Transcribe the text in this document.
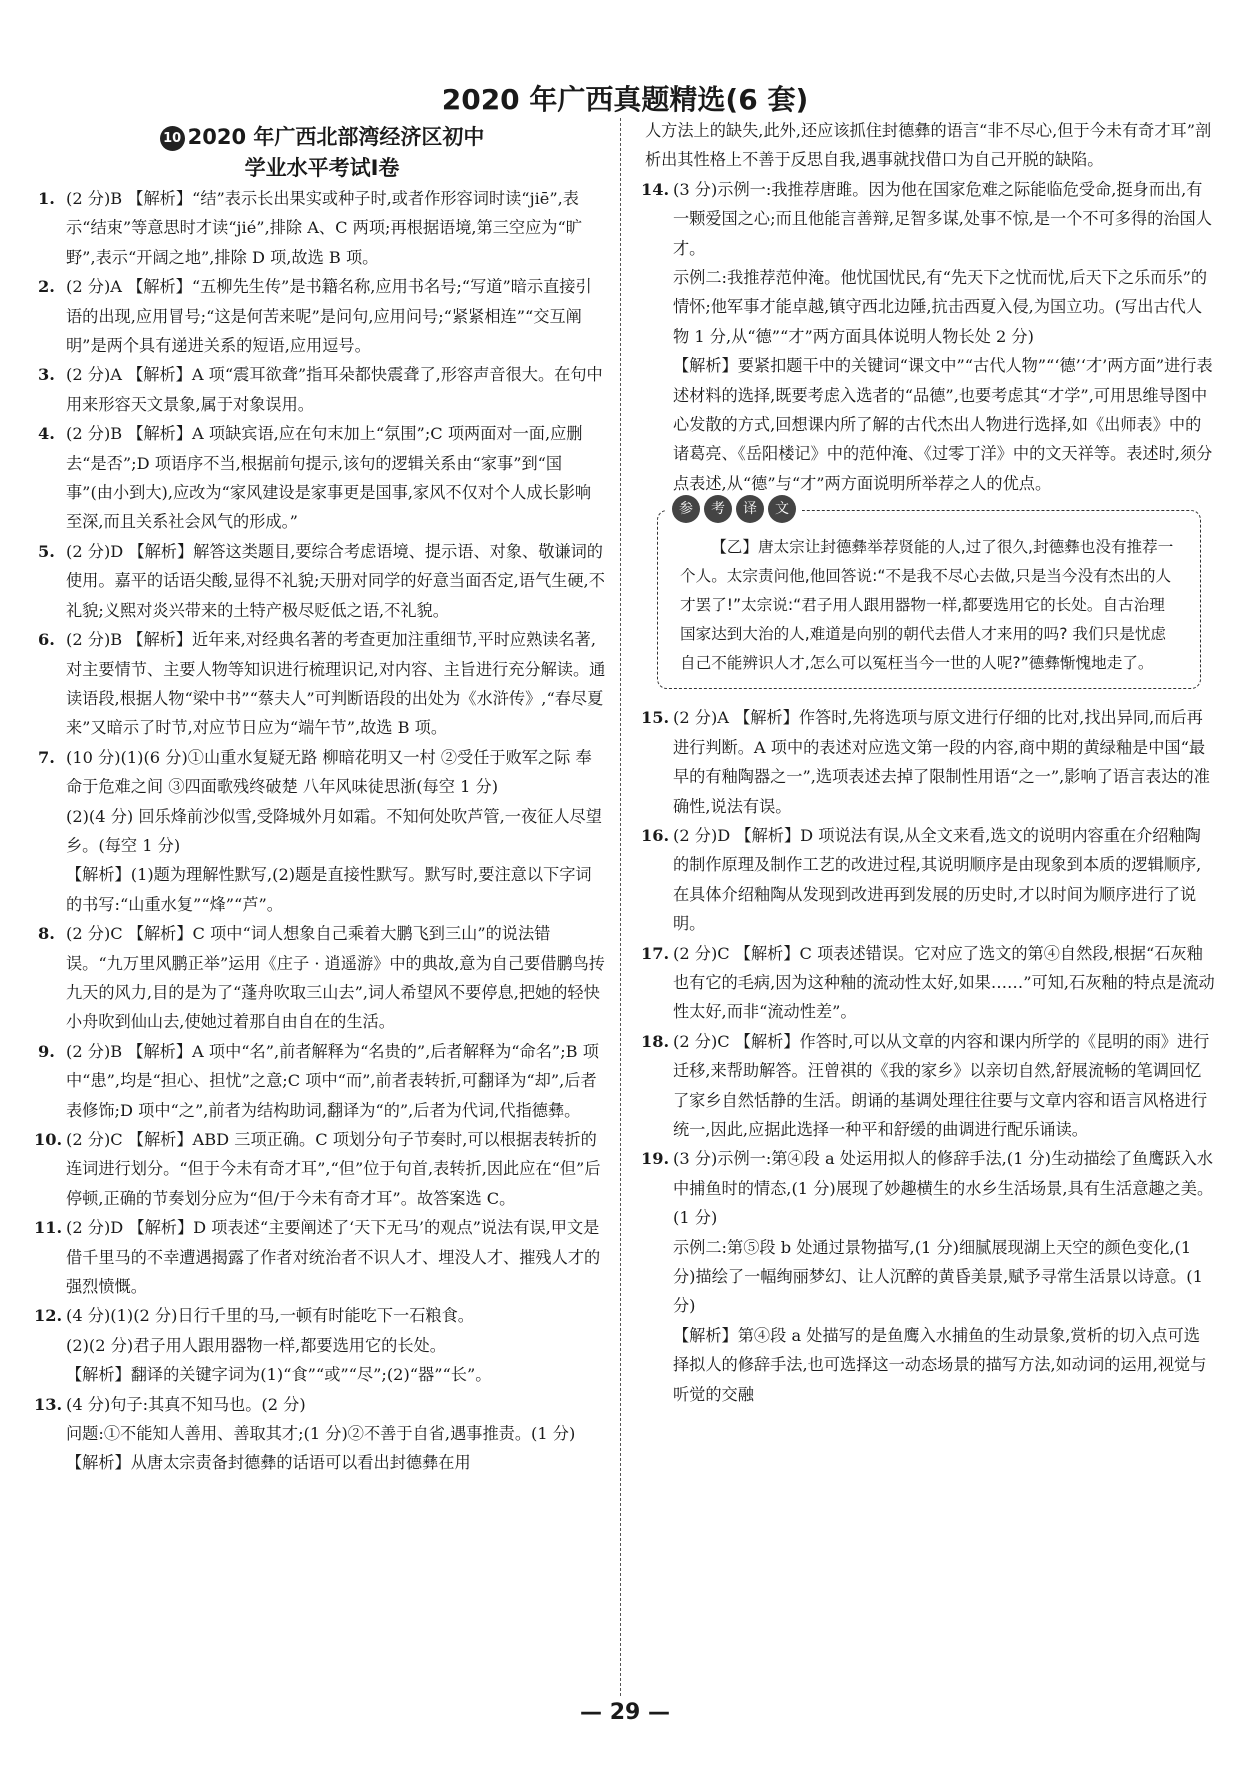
2020 年广西真题精选(6 套)
10 2020 年广西北部湾经济区初中
学业水平考试Ⅰ卷
1. (2 分)B 【解析】“结”表示长出果实或种子时,或者作形容词时读“jiē”,表示“结束”等意思时才读“jié”,排除 A、C 两项;再根据语境,第三空应为“旷野”,表示“开阔之地”,排除 D 项,故选 B 项。

2. (2 分)A 【解析】“五柳先生传”是书籍名称,应用书名号;“写道”暗示直接引语的出现,应用冒号;“这是何苦来呢”是问句,应用问号;“紧紧相连”“交互阐明”是两个具有递进关系的短语,应用逗号。

3. (2 分)A 【解析】A 项“震耳欲聋”指耳朵都快震聋了,形容声音很大。在句中用来形容天文景象,属于对象误用。

4. (2 分)B 【解析】A 项缺宾语,应在句末加上“氛围”;C 项两面对一面,应删去“是否”;D 项语序不当,根据前句提示,该句的逻辑关系由“家事”到“国事”(由小到大),应改为“家风建设是家事更是国事,家风不仅对个人成长影响至深,而且关系社会风气的形成。”

5. (2 分)D 【解析】解答这类题目,要综合考虑语境、提示语、对象、敬谦词的使用。嘉平的话语尖酸,显得不礼貌;天册对同学的好意当面否定,语气生硬,不礼貌;义熙对炎兴带来的土特产极尽贬低之语,不礼貌。

6. (2 分)B 【解析】近年来,对经典名著的考查更加注重细节,平时应熟读名著,对主要情节、主要人物等知识进行梳理识记,对内容、主旨进行充分解读。通读语段,根据人物“梁中书”“蔡夫人”可判断语段的出处为《水浒传》,“春尽夏来”又暗示了时节,对应节日应为“端午节”,故选 B 项。

7. (10 分)(1)(6 分)①山重水复疑无路 柳暗花明又一村 ②受任于败军之际 奉命于危难之间 ③四面歌残终破楚 八年风味徒思浙(每空 1 分)

(2)(4 分) 回乐烽前沙似雪,受降城外月如霜。不知何处吹芦管,一夜征人尽望乡。(每空 1 分)

【解析】(1)题为理解性默写,(2)题是直接性默写。默写时,要注意以下字词的书写:“山重水复”“烽”“芦”。

8. (2 分)C 【解析】C 项中“词人想象自己乘着大鹏飞到三山”的说法错误。“九万里风鹏正举”运用《庄子 · 逍遥游》中的典故,意为自己要借鹏鸟抟九天的风力,目的是为了“蓬舟吹取三山去”,词人希望风不要停息,把她的轻快小舟吹到仙山去,使她过着那自由自在的生活。

9. (2 分)B 【解析】A 项中“名”,前者解释为“名贵的”,后者解释为“命名”;B 项中“患”,均是“担心、担忧”之意;C 项中“而”,前者表转折,可翻译为“却”,后者表修饰;D 项中“之”,前者为结构助词,翻译为“的”,后者为代词,代指德彝。

10. (2 分)C 【解析】ABD 三项正确。C 项划分句子节奏时,可以根据表转折的连词进行划分。“但于今未有奇才耳”,“但”位于句首,表转折,因此应在“但”后停顿,正确的节奏划分应为“但/于今未有奇才耳”。故答案选 C。

11. (2 分)D 【解析】D 项表述“主要阐述了‘天下无马’的观点”说法有误,甲文是借千里马的不幸遭遇揭露了作者对统治者不识人才、埋没人才、摧残人才的强烈愤慨。

12. (4 分)(1)(2 分)日行千里的马,一顿有时能吃下一石粮食。

(2)(2 分)君子用人跟用器物一样,都要选用它的长处。

【解析】翻译的关键字词为(1)“食”“或”“尽”;(2)“器”“长”。

13. (4 分)句子:其真不知马也。(2 分)

问题:①不能知人善用、善取其才;(1 分)②不善于自省,遇事推责。(1 分)

【解析】从唐太宗责备封德彝的话语可以看出封德彝在用

人方法上的缺失,此外,还应该抓住封德彝的语言“非不尽心,但于今未有奇才耳”剖析出其性格上不善于反思自我,遇事就找借口为自己开脱的缺陷。

14. (3 分)示例一:我推荐唐雎。因为他在国家危难之际能临危受命,挺身而出,有一颗爱国之心;而且他能言善辩,足智多谋,处事不惊,是一个不可多得的治国人才。

示例二:我推荐范仲淹。他忧国忧民,有“先天下之忧而忧,后天下之乐而乐”的情怀;他军事才能卓越,镇守西北边陲,抗击西夏入侵,为国立功。(写出古代人物 1 分,从“德”“才”两方面具体说明人物长处 2 分)

【解析】要紧扣题干中的关键词“课文中”“古代人物”“‘德’‘才’两方面”进行表述材料的选择,既要考虑入选者的“品德”,也要考虑其“才学”,可用思维导图中心发散的方式,回想课内所了解的古代杰出人物进行选择,如《出师表》中的诸葛亮、《岳阳楼记》中的范仲淹、《过零丁洋》中的文天祥等。表述时,须分点表述,从“德”与“才”两方面说明所举荐之人的优点。

参	考	译	文

【乙】唐太宗让封德彝举荐贤能的人,过了很久,封德彝也没有推荐一个人。太宗责问他,他回答说:“不是我不尽心去做,只是当今没有杰出的人才罢了!”太宗说:“君子用人跟用器物一样,都要选用它的长处。自古治理国家达到大治的人,难道是向别的朝代去借人才来用的吗? 我们只是忧虑自己不能辨识人才,怎么可以冤枉当今一世的人呢?”德彝惭愧地走了。

15. (2 分)A 【解析】作答时,先将选项与原文进行仔细的比对,找出异同,而后再进行判断。A 项中的表述对应选文第一段的内容,商中期的黄绿釉是中国“最早的有釉陶器之一”,选项表述去掉了限制性用语“之一”,影响了语言表达的准确性,说法有误。

16. (2 分)D 【解析】D 项说法有误,从全文来看,选文的说明内容重在介绍釉陶的制作原理及制作工艺的改进过程,其说明顺序是由现象到本质的逻辑顺序,在具体介绍釉陶从发现到改进再到发展的历史时,才以时间为顺序进行了说明。

17. (2 分)C 【解析】C 项表述错误。它对应了选文的第④自然段,根据“石灰釉也有它的毛病,因为这种釉的流动性太好,如果……”可知,石灰釉的特点是流动性太好,而非“流动性差”。

18. (2 分)C 【解析】作答时,可以从文章的内容和课内所学的《昆明的雨》进行迁移,来帮助解答。汪曾祺的《我的家乡》以亲切自然,舒展流畅的笔调回忆了家乡自然恬静的生活。朗诵的基调处理往往要与文章内容和语言风格进行统一,因此,应据此选择一种平和舒缓的曲调进行配乐诵读。

19. (3 分)示例一:第④段 a 处运用拟人的修辞手法,(1 分)生动描绘了鱼鹰跃入水中捕鱼时的情态,(1 分)展现了妙趣横生的水乡生活场景,具有生活意趣之美。(1 分)

示例二:第⑤段 b 处通过景物描写,(1 分)细腻展现湖上天空的颜色变化,(1 分)描绘了一幅绚丽梦幻、让人沉醉的黄昏美景,赋予寻常生活景以诗意。(1 分)

【解析】第④段 a 处描写的是鱼鹰入水捕鱼的生动景象,赏析的切入点可选择拟人的修辞手法,也可选择这一动态场景的描写方法,如动词的运用,视觉与听觉的交融

— 29 —
